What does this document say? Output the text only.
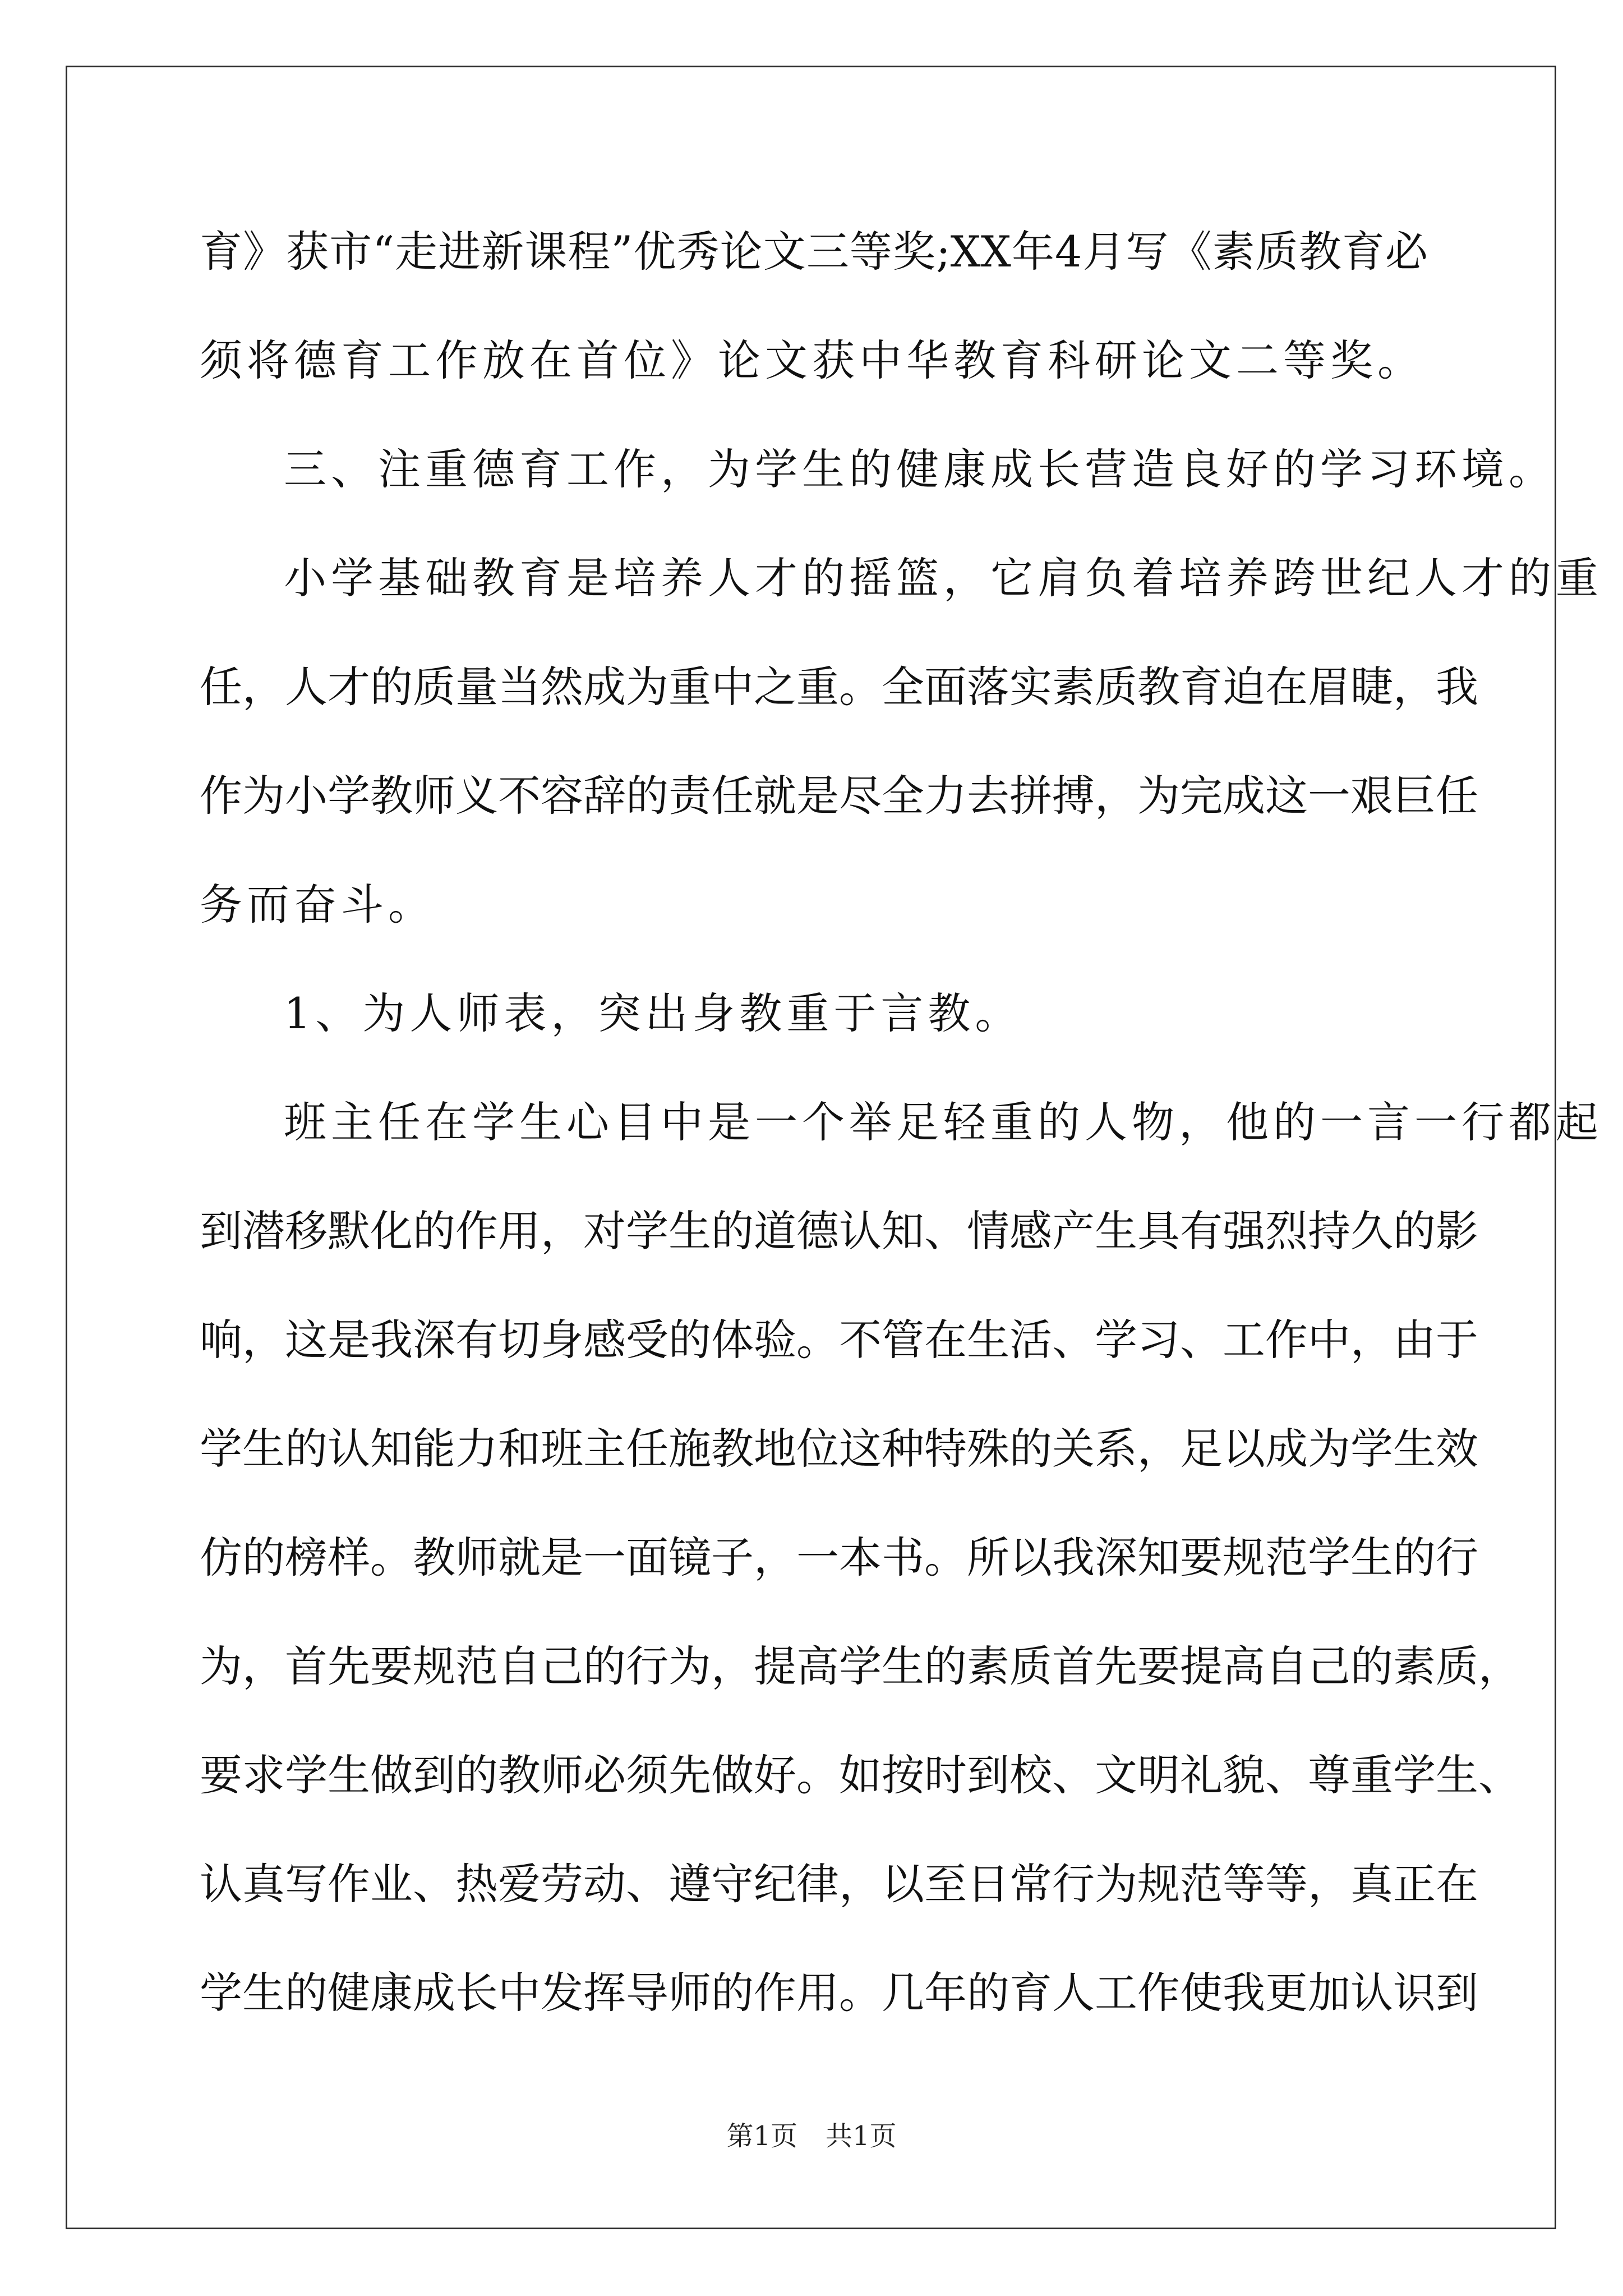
育》获市“走进新课程”优秀论文三等奖;XX年4月写《素质教育必
须将德育工作放在首位》论文获中华教育科研论文二等奖。
三、注重德育工作，为学生的健康成长营造良好的学习环境。
小学基础教育是培养人才的摇篮，它肩负着培养跨世纪人才的重
任，人才的质量当然成为重中之重。全面落实素质教育迫在眉睫，我
作为小学教师义不容辞的责任就是尽全力去拼搏，为完成这一艰巨任
务而奋斗。
1、为人师表，突出身教重于言教。
班主任在学生心目中是一个举足轻重的人物，他的一言一行都起
到潜移默化的作用，对学生的道德认知、情感产生具有强烈持久的影
响，这是我深有切身感受的体验。不管在生活、学习、工作中，由于
学生的认知能力和班主任施教地位这种特殊的关系，足以成为学生效
仿的榜样。教师就是一面镜子，一本书。所以我深知要规范学生的行
为，首先要规范自己的行为，提高学生的素质首先要提高自己的素质，
要求学生做到的教师必须先做好。如按时到校、文明礼貌、尊重学生、
认真写作业、热爱劳动、遵守纪律，以至日常行为规范等等，真正在
学生的健康成长中发挥导师的作用。几年的育人工作使我更加认识到
第1页 共1页
